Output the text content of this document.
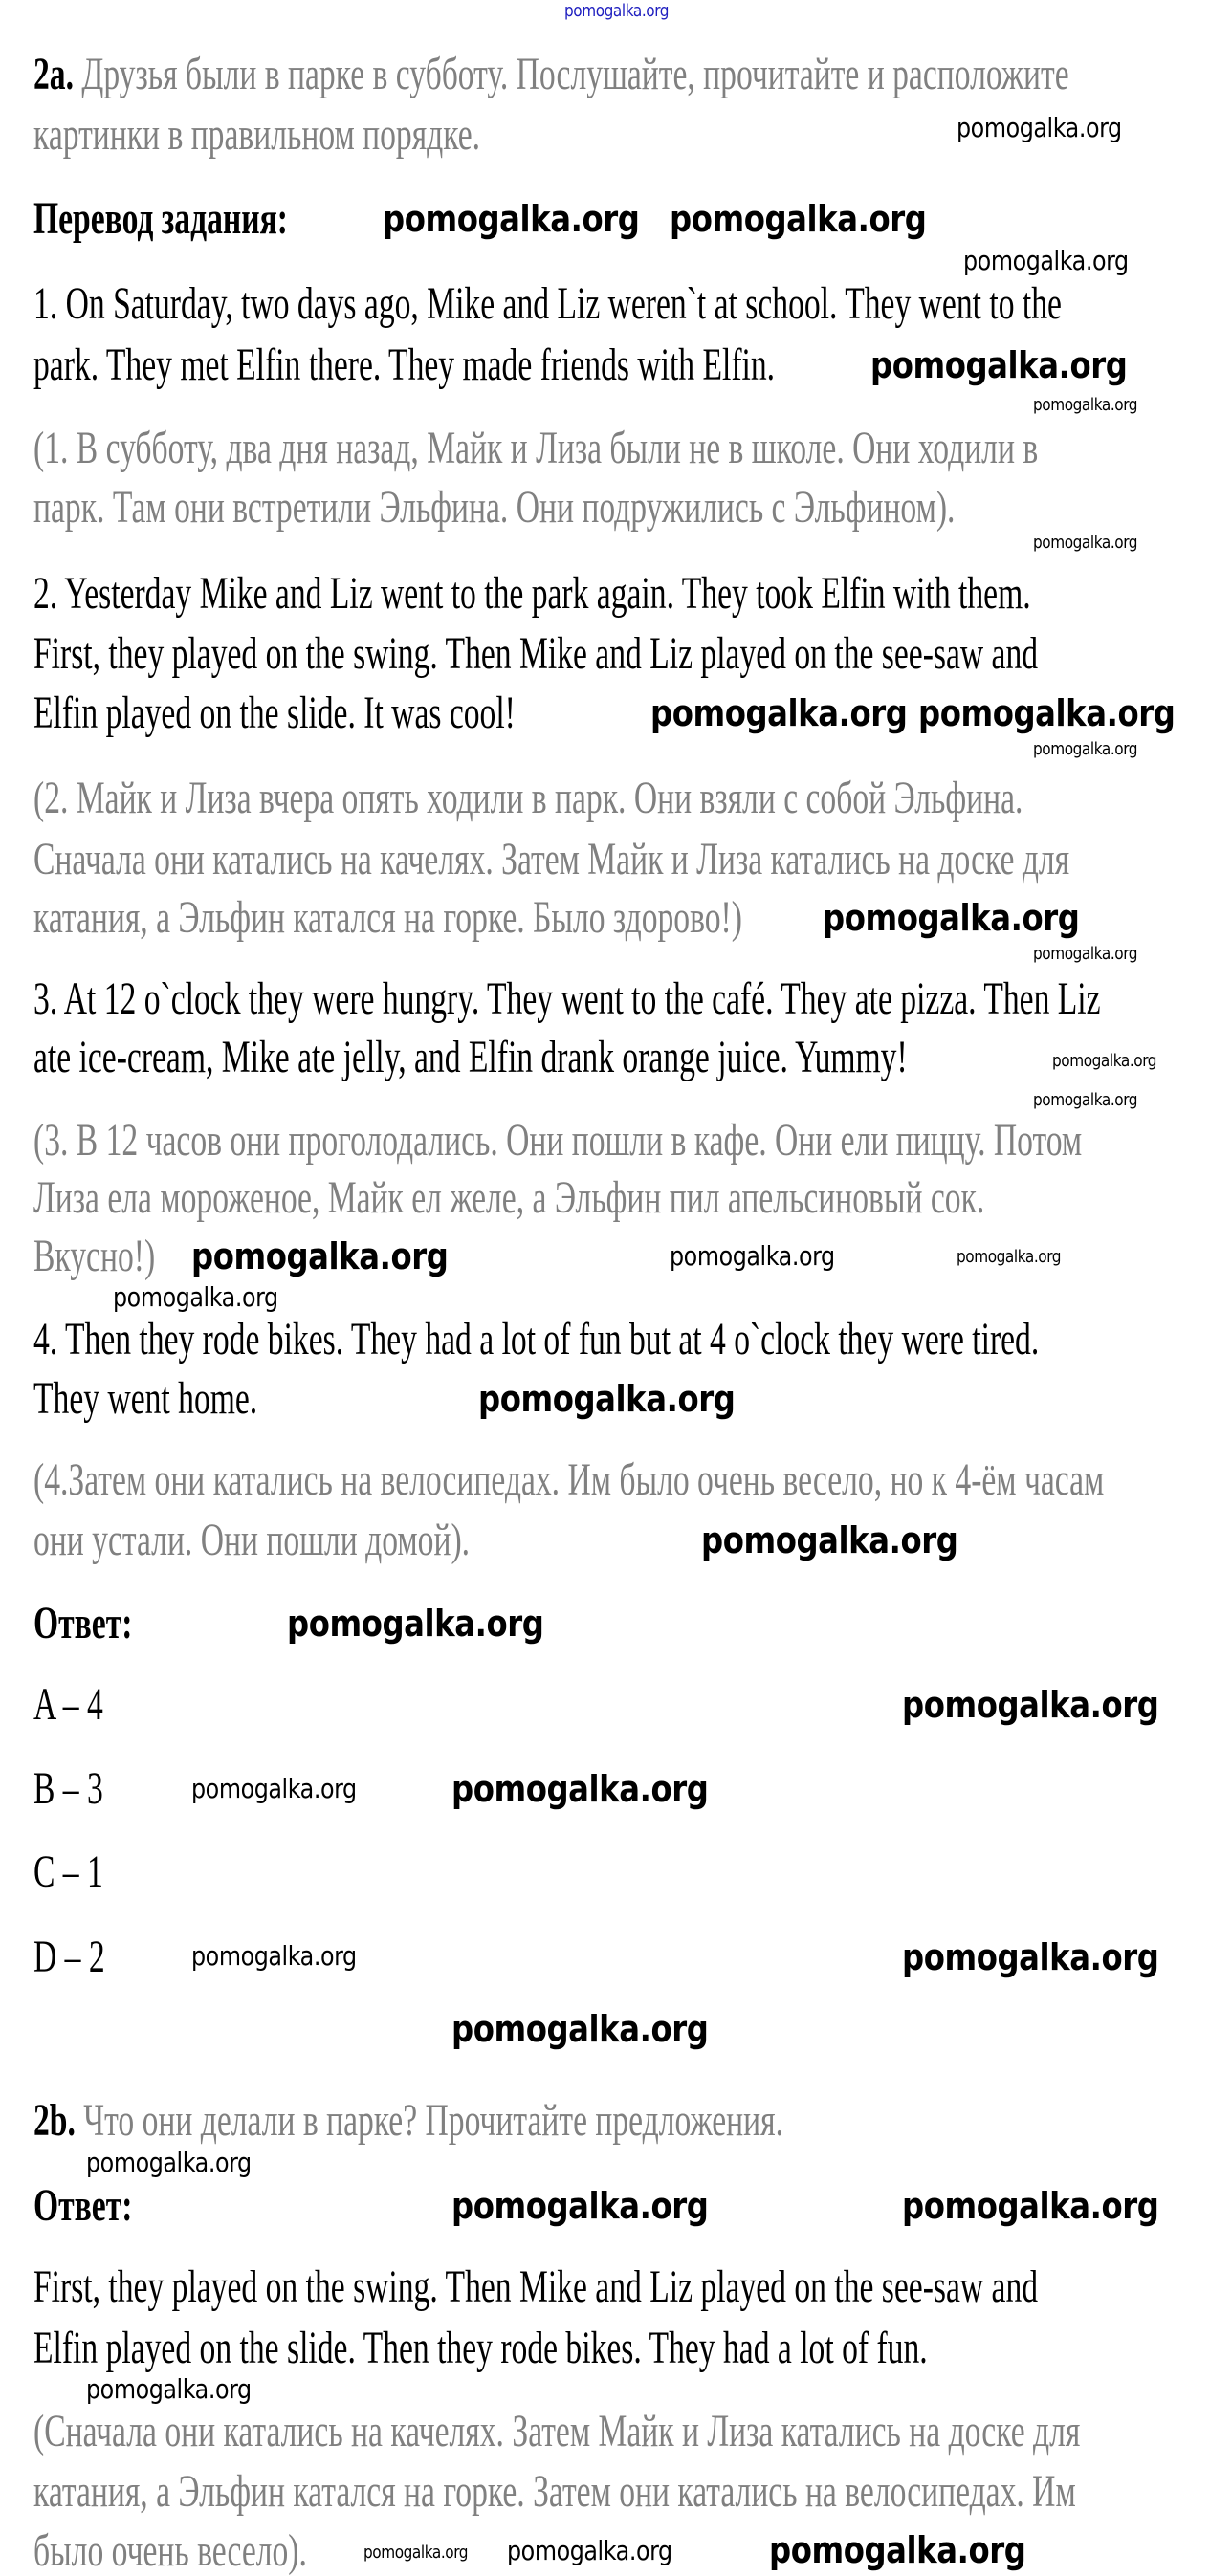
pomogalka.org
2a. Друзья были в парке в субботу. Послушайте, прочитайте и расположите
картинки в правильном порядке.
Перевод задания:
1. On Saturday, two days ago, Mike and Liz weren`t at school. They went to the
park. They met Elfin there. They made friends with Elfin.
(1. В субботу, два дня назад, Майк и Лиза были не в школе. Они ходили в
парк. Там они встретили Эльфина. Они подружились с Эльфином).
2. Yesterday Mike and Liz went to the park again. They took Elfin with them.
First, they played on the swing. Then Mike and Liz played on the see-saw and
Elfin played on the slide. It was cool!
(2. Майк и Лиза вчера опять ходили в парк. Они взяли с собой Эльфина.
Сначала они катались на качелях. Затем Майк и Лиза катались на доске для
катания, а Эльфин катался на горке. Было здорово!)
3. At 12 o`clock they were hungry. They went to the café. They ate pizza. Then Liz
ate ice-cream, Mike ate jelly, and Elfin drank orange juice. Yummy!
(3. В 12 часов они проголодались. Они пошли в кафе. Они ели пиццу. Потом
Лиза ела мороженое, Майк ел желе, а Эльфин пил апельсиновый сок.
Вкусно!)
4. Then they rode bikes. They had a lot of fun but at 4 o`clock they were tired.
They went home.
(4.Затем они катались на велосипедах. Им было очень весело, но к 4-ём часам
они устали. Они пошли домой).
Ответ:
A – 4
B – 3
C – 1
D – 2
Ответ:
First, they played on the swing. Then Mike and Liz played on the see-saw and
Elfin played on the slide. Then they rode bikes. They had a lot of fun.
(Сначала они катались на качелях. Затем Майк и Лиза катались на доске для
катания, а Эльфин катался на горке. Затем они катались на велосипедах. Им
было очень весело).
pomogalka.org
pomogalka.org pomogalka.org
pomogalka.org
pomogalka.org
pomogalka.org
pomogalka.org
pomogalka.org pomogalka.org
pomogalka.org
pomogalka.org
pomogalka.org
pomogalka.org
pomogalka.org
pomogalka.org	pomogalka.org	pomogalka.org
pomogalka.org
pomogalka.org
pomogalka.org
pomogalka.org
pomogalka.org
pomogalka.org	pomogalka.org
pomogalka.org	pomogalka.org
pomogalka.org
pomogalka.org
pomogalka.org	pomogalka.org
pomogalka.org
pomogalka.org pomogalka.org	pomogalka.org
2b. Что они делали в парке? Прочитайте предложения.
